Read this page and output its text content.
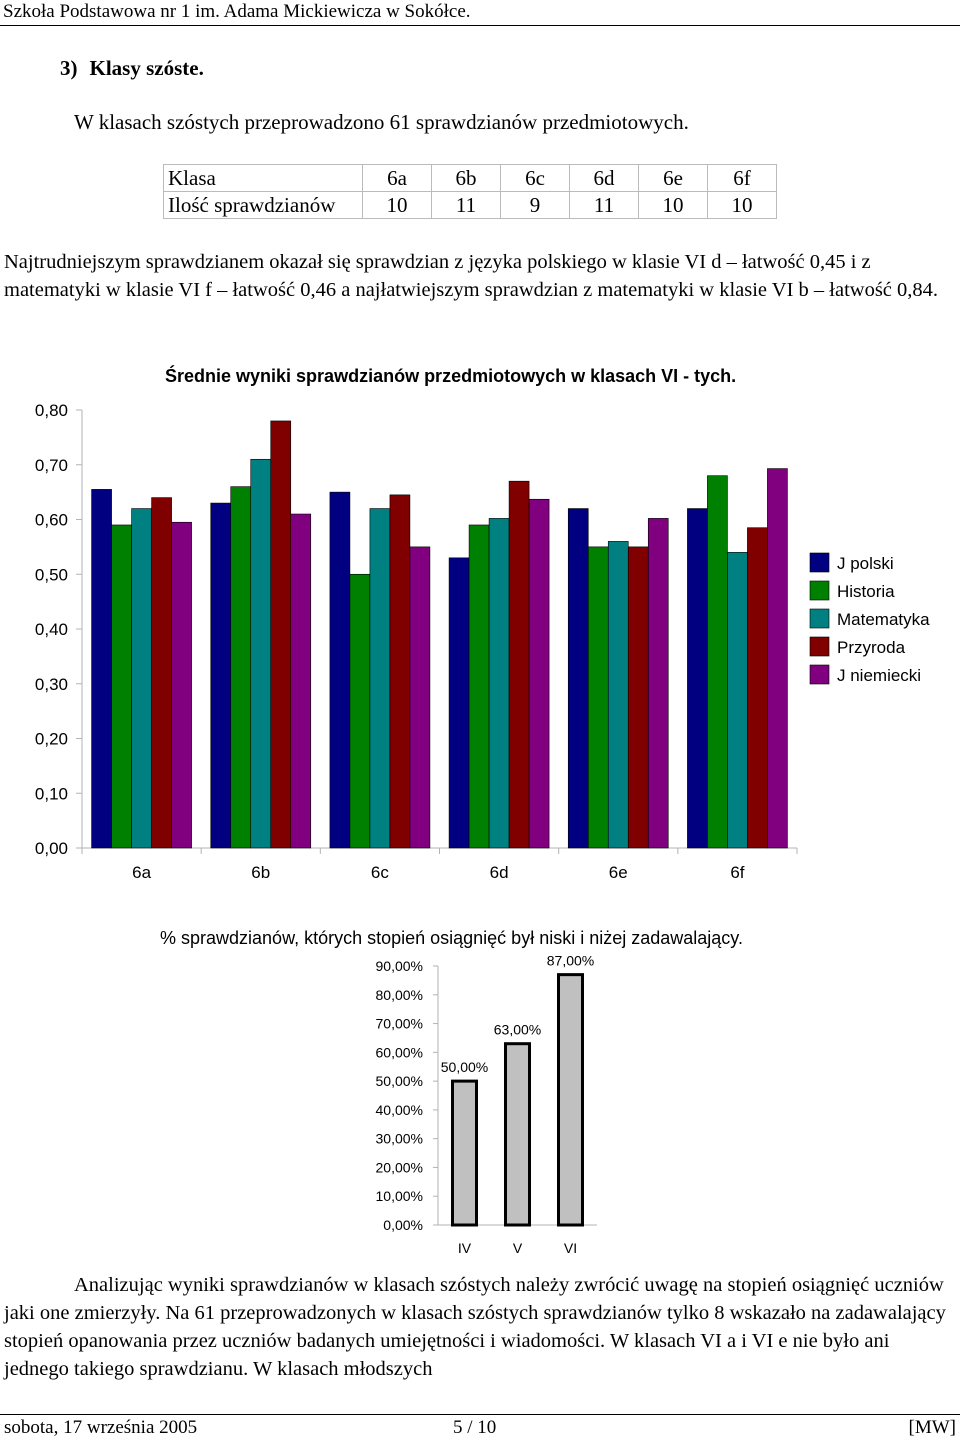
Szkoła Podstawowa nr 1 im. Adama Mickiewicza w Sokółce.
3) Klasy szóste.
W klasach szóstych przeprowadzono 61 sprawdzianów przedmiotowych.
Klasa	6a	6b	6c	6d	6e	6f
Ilość sprawdzianów	10	11	9	11	10	10
Najtrudniejszym sprawdzianem okazał się sprawdzian z języka polskiego w klasie VI d – łatwość 0,45 i z matematyki w klasie VI f – łatwość 0,46 a najłatwiejszym sprawdzian z matematyki w klasie VI b – łatwość 0,84.
Średnie wyniki sprawdzianów przedmiotowych w klasach VI - tych.
0,00
0,10
0,20
0,30
0,40
0,50
0,60
0,70
0,80
6a	6b	6c	6d	6e	6f
J polski
Historia
Matematyka
Przyroda
J niemiecki
% sprawdzianów, których stopień osiągnięć był niski i niżej zadawalający.
0,00%
10,00%
20,00%
30,00%
40,00%
50,00%
60,00%
70,00%
80,00%
90,00%
50,00%
IV
63,00%
V
87,00%
VI
Analizując wyniki sprawdzianów w klasach szóstych należy zwrócić uwagę na stopień osiągnięć uczniów jaki one zmierzyły. Na 61 przeprowadzonych w klasach szóstych sprawdzianów tylko 8 wskazało na zadawalający stopień opanowania przez uczniów badanych umiejętności i wiadomości. W klasach VI a i VI e nie było ani jednego takiego sprawdzianu. W klasach młodszych
sobota, 17 września 2005	5 / 10	[MW]
